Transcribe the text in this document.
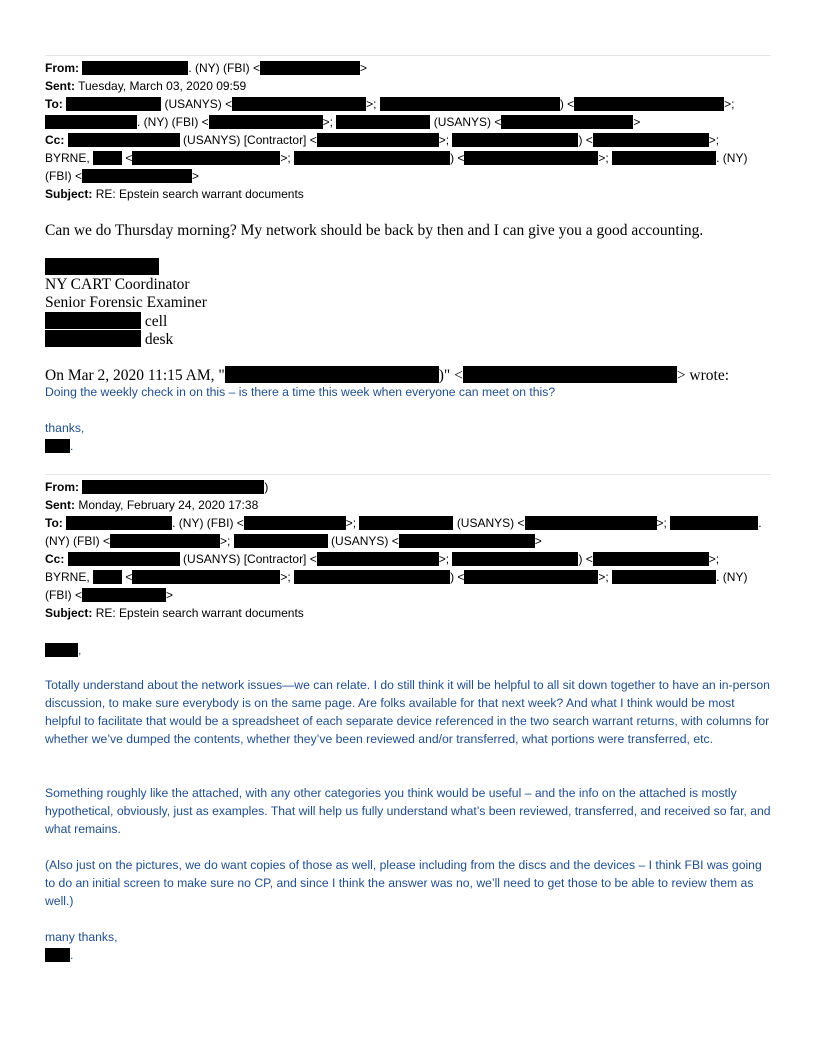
From:	. (NY) (FBI) <	>
Sent: Tuesday, March 03, 2020 09:59
To:	(USANYS) <	>;	) <	>;
. (NY) (FBI) <	>;	(USANYS) <	>
Cc:	(USANYS) [Contractor] <	>;	) <	>;
BYRNE,	<	>;	) <	>;	. (NY)
(FBI) <	>
Subject: RE: Epstein search warrant documents
Can we do Thursday morning? My network should be back by then and I can give you a good accounting.
NY CART Coordinator
Senior Forensic Examiner
cell
desk
On Mar 2, 2020 11:15 AM, "	)" <	> wrote:
Doing the weekly check in on this – is there a time this week when everyone can meet on this?
thanks,
.
From:	)
Sent: Monday, February 24, 2020 17:38
To:	. (NY) (FBI) <	>;	(USANYS) <	>;	.
(NY) (FBI) <	>;	(USANYS) <	>
Cc:	(USANYS) [Contractor] <	>;	) <	>;
BYRNE,	<	>;	) <	>;	. (NY)
(FBI) <	>
Subject: RE: Epstein search warrant documents
,
Totally understand about the network issues—we can relate. I do still think it will be helpful to all sit down together to have an in-person discussion, to make sure everybody is on the same page. Are folks available for that next week? And what I think would be most helpful to facilitate that would be a spreadsheet of each separate device referenced in the two search warrant returns, with columns for whether we’ve dumped the contents, whether they’ve been reviewed and/or transferred, what portions were transferred, etc.
Something roughly like the attached, with any other categories you think would be useful – and the info on the attached is mostly hypothetical, obviously, just as examples. That will help us fully understand what’s been reviewed, transferred, and received so far, and what remains.
(Also just on the pictures, we do want copies of those as well, please including from the discs and the devices – I think FBI was going to do an initial screen to make sure no CP, and since I think the answer was no, we’ll need to get those to be able to review them as well.)
many thanks,
.
